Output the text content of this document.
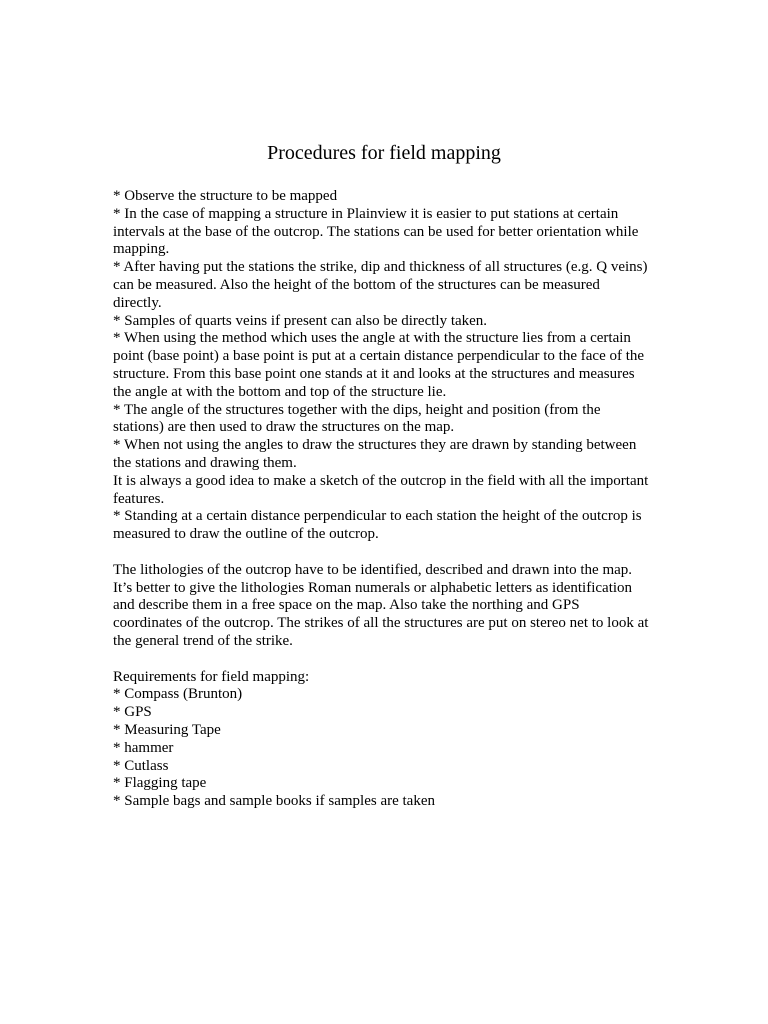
Procedures for field mapping
* Observe the structure to be mapped
* In the case of mapping a structure in Plainview it is easier to put stations at certain
intervals at the base of the outcrop. The stations can be used for better orientation while
mapping.
* After having put the stations the strike, dip and thickness of all structures (e.g. Q veins)
can be measured. Also the height of the bottom of the structures can be measured
directly.
* Samples of quarts veins if present can also be directly taken.
* When using the method which uses the angle at with the structure lies from a certain
point (base point) a base point is put at a certain distance perpendicular to the face of the
structure. From this base point one stands at it and looks at the structures and measures
the angle at with the bottom and top of the structure lie.
* The angle of the structures together with the dips, height and position (from the
stations) are then used to draw the structures on the map.
* When not using the angles to draw the structures they are drawn by standing between
the stations and drawing them.
It is always a good idea to make a sketch of the outcrop in the field with all the important
features.
* Standing at a certain distance perpendicular to each station the height of the outcrop is
measured to draw the outline of the outcrop.
The lithologies of the outcrop have to be identified, described and drawn into the map.
It’s better to give the lithologies Roman numerals or alphabetic letters as identification
and describe them in a free space on the map. Also take the northing and GPS
coordinates of the outcrop. The strikes of all the structures are put on stereo net to look at
the general trend of the strike.
Requirements for field mapping:
* Compass (Brunton)
* GPS
* Measuring Tape
* hammer
* Cutlass
* Flagging tape
* Sample bags and sample books if samples are taken
